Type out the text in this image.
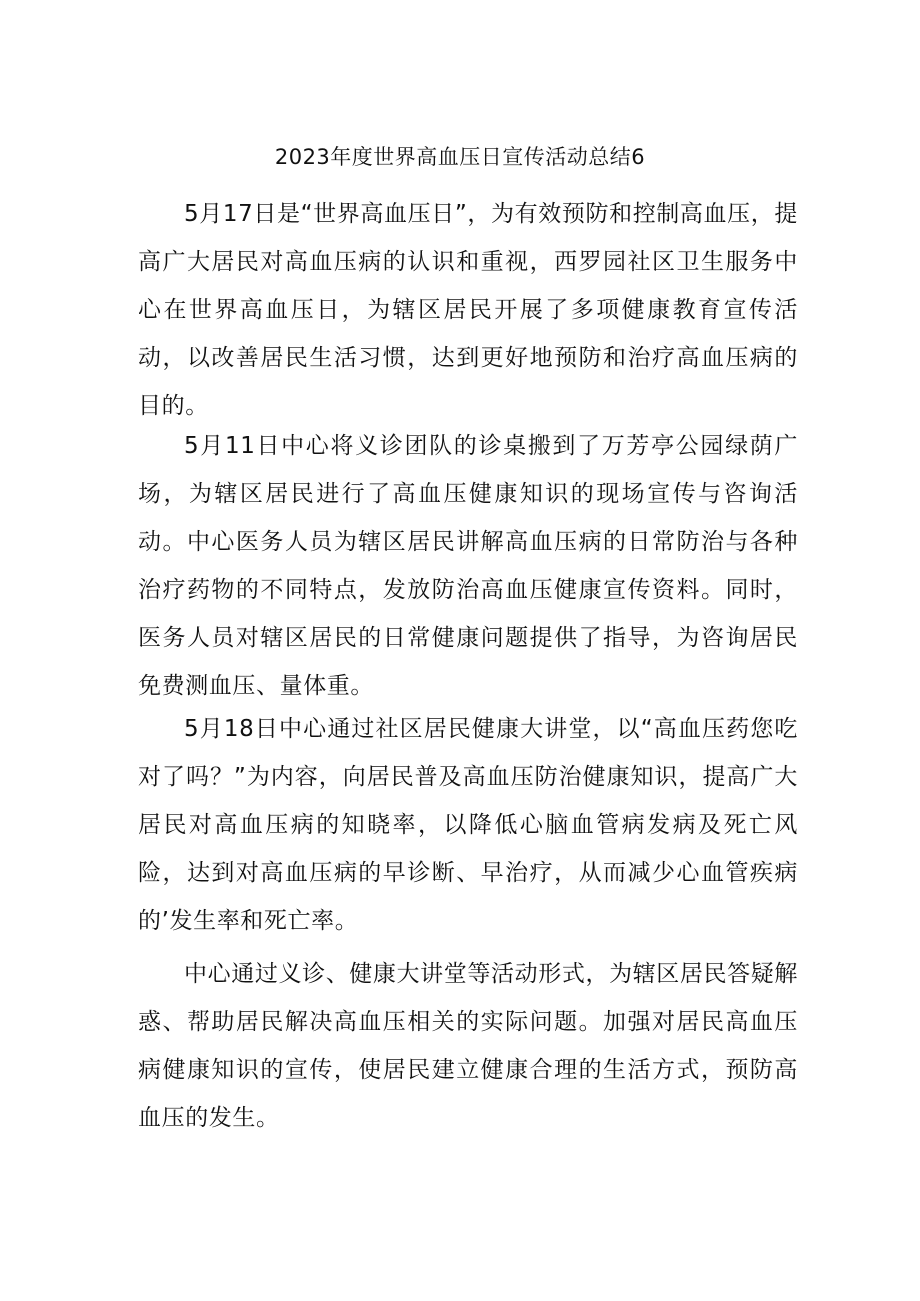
2023年度世界高血压日宣传活动总结6

5月17日是“世界高血压日”，为有效预防和控制高血压，提高广大居民对高血压病的认识和重视，西罗园社区卫生服务中心在世界高血压日，为辖区居民开展了多项健康教育宣传活动，以改善居民生活习惯，达到更好地预防和治疗高血压病的目的。

5月11日中心将义诊团队的诊桌搬到了万芳亭公园绿荫广场，为辖区居民进行了高血压健康知识的现场宣传与咨询活动。中心医务人员为辖区居民讲解高血压病的日常防治与各种治疗药物的不同特点，发放防治高血压健康宣传资料。同时，医务人员对辖区居民的日常健康问题提供了指导，为咨询居民免费测血压、量体重。

5月18日中心通过社区居民健康大讲堂，以“高血压药您吃对了吗？”为内容，向居民普及高血压防治健康知识，提高广大居民对高血压病的知晓率，以降低心脑血管病发病及死亡风险，达到对高血压病的早诊断、早治疗，从而减少心血管疾病的’发生率和死亡率。

中心通过义诊、健康大讲堂等活动形式，为辖区居民答疑解惑、帮助居民解决高血压相关的实际问题。加强对居民高血压病健康知识的宣传，使居民建立健康合理的生活方式，预防高血压的发生。
